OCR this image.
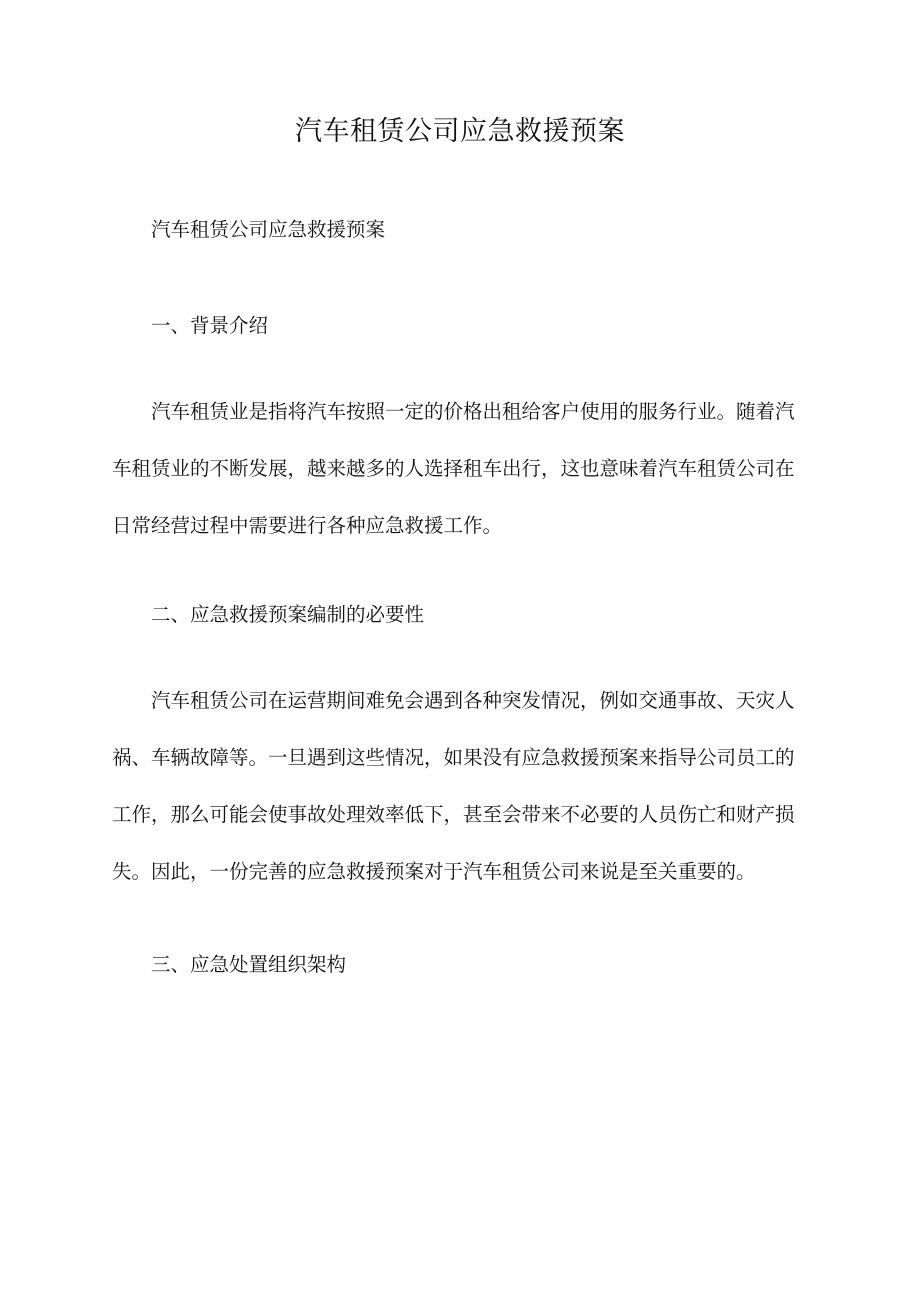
汽车租赁公司应急救援预案

汽车租赁公司应急救援预案

一、背景介绍

汽车租赁业是指将汽车按照一定的价格出租给客户使用的服务行业。随着汽车租赁业的不断发展，越来越多的人选择租车出行，这也意味着汽车租赁公司在日常经营过程中需要进行各种应急救援工作。

二、应急救援预案编制的必要性

汽车租赁公司在运营期间难免会遇到各种突发情况，例如交通事故、天灾人祸、车辆故障等。一旦遇到这些情况，如果没有应急救援预案来指导公司员工的工作，那么可能会使事故处理效率低下，甚至会带来不必要的人员伤亡和财产损失。因此，一份完善的应急救援预案对于汽车租赁公司来说是至关重要的。

三、应急处置组织架构
